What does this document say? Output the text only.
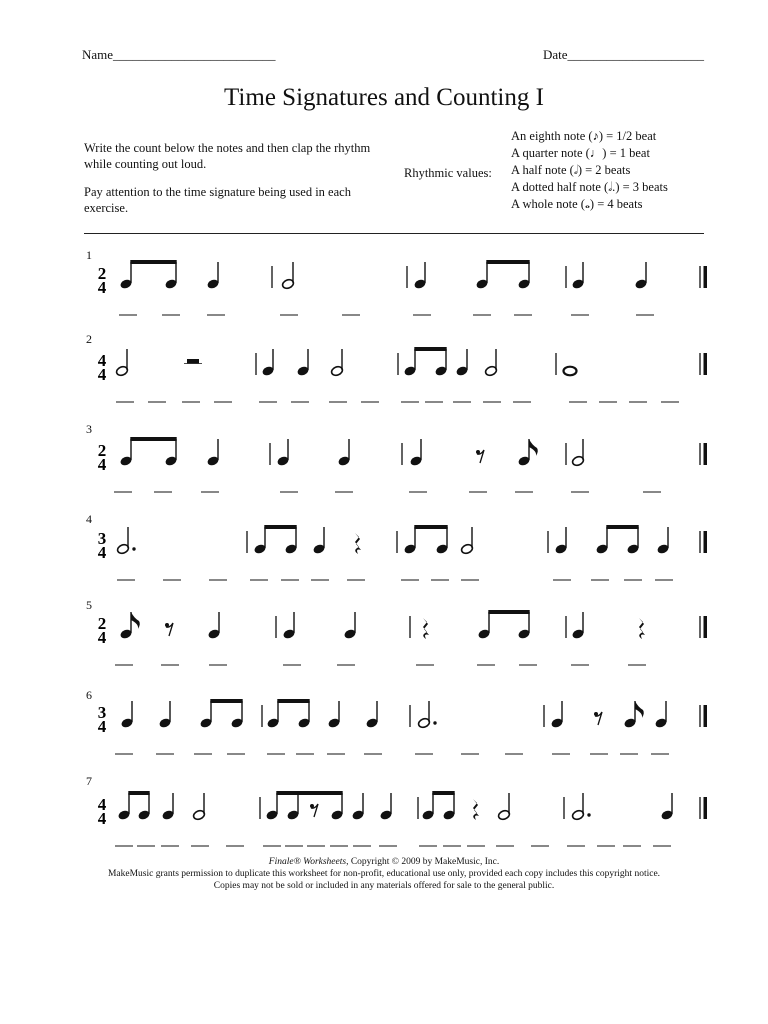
Name_________________________	Date_____________________
Time Signatures and Counting I
Write the count below the notes and then clap the rhythm while counting out loud.
Pay attention to the time signature being used in each exercise.
Rhythmic values:
An eighth note (♪) = 1/2 beat
A quarter note (♩) = 1 beat
A half note (𝅗𝅥) = 2 beats
A dotted half note (𝅗𝅥.) = 3 beats
A whole note (𝅝) = 4 beats
1
2
3
4
5
6
7
2
4
4
4
2
4
3
4
2
4
3
4
4
4
Finale® Worksheets, Copyright © 2009 by MakeMusic, Inc.
MakeMusic grants permission to duplicate this worksheet for non-profit, educational use only, provided each copy includes this copyright notice.
Copies may not be sold or included in any materials offered for sale to the general public.
